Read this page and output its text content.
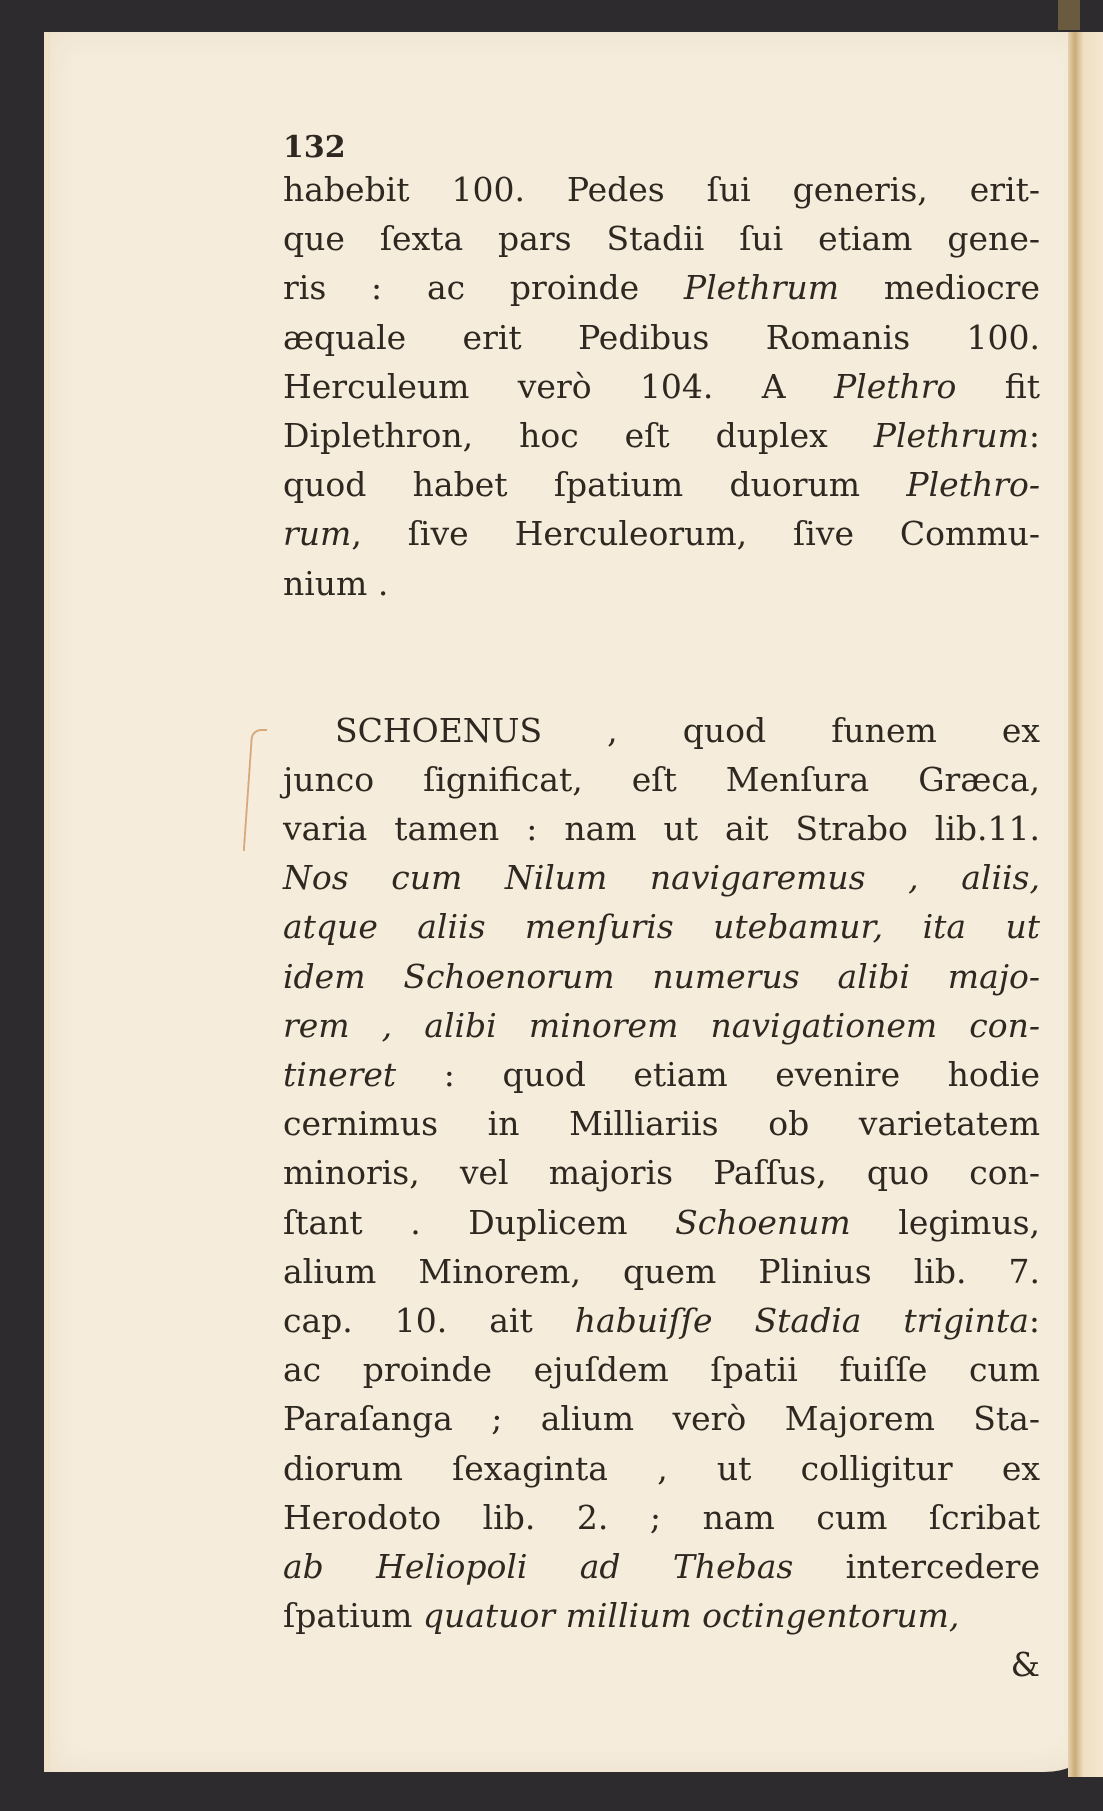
132
habebit 100. Pedes ſui generis, erit-
que ſexta pars Stadii ſui etiam gene-
ris : ac proinde Plethrum mediocre
æquale erit Pedibus Romanis 100.
Herculeum verò 104. A Plethro fit
Diplethron, hoc eſt duplex Plethrum:
quod habet ſpatium duorum Plethro-
rum, ſive Herculeorum, ſive Commu-
nium .
SCHOENUS , quod funem ex
junco ſignificat, eſt Menſura Græca,
varia tamen : nam ut ait Strabo lib.11.
Nos cum Nilum navigaremus , aliis,
atque aliis menſuris utebamur, ita ut
idem Schoenorum numerus alibi majo-
rem , alibi minorem navigationem con-
tineret : quod etiam evenire hodie
cernimus in Milliariis ob varietatem
minoris, vel majoris Paſſus, quo con-
ſtant . Duplicem Schoenum legimus,
alium Minorem, quem Plinius lib. 7.
cap. 10. ait habuiſſe Stadia triginta:
ac proinde ejuſdem ſpatii fuiſſe cum
Paraſanga ; alium verò Majorem Sta-
diorum ſexaginta , ut colligitur ex
Herodoto lib. 2. ; nam cum ſcribat
ab Heliopoli ad Thebas intercedere
ſpatium quatuor millium octingentorum,
&
